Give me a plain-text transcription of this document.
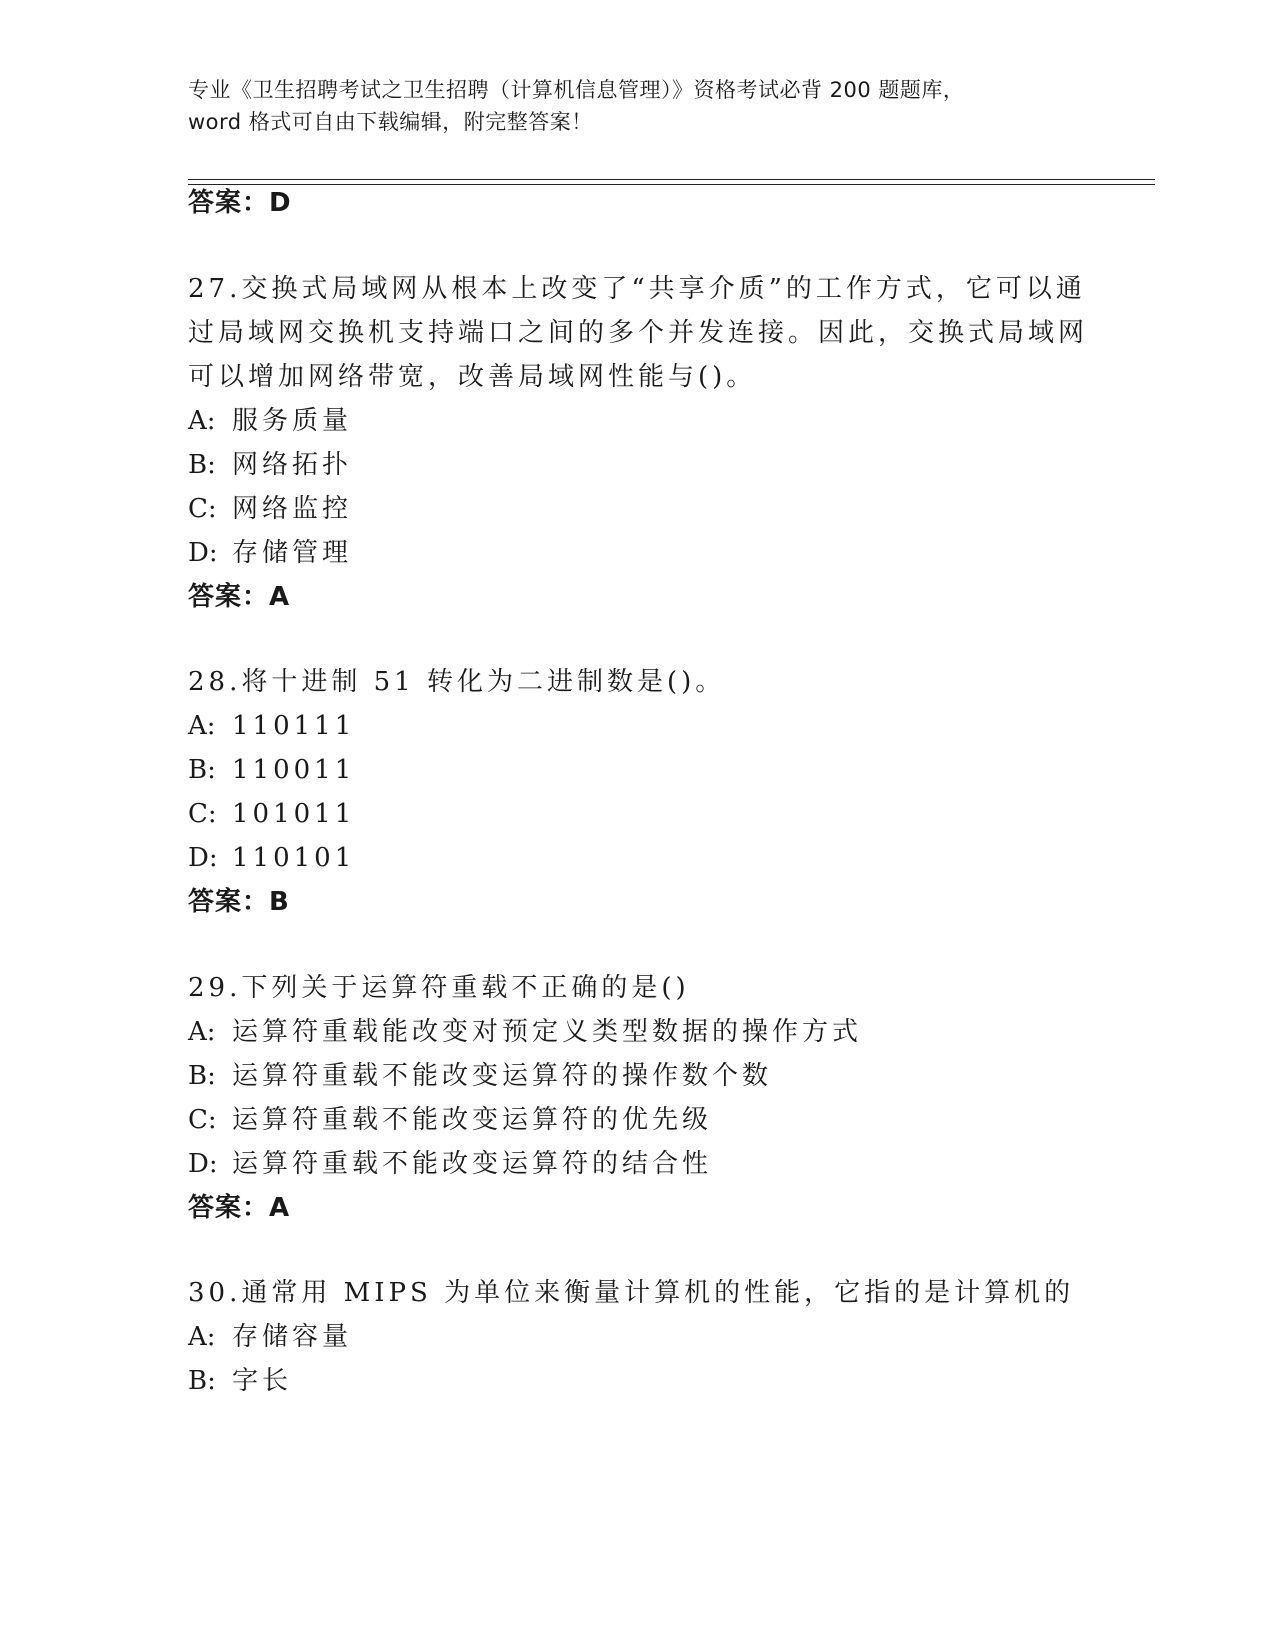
专业《卫生招聘考试之卫生招聘（计算机信息管理）》资格考试必背 200 题题库，
word 格式可自由下载编辑，附完整答案！
答案：D
27.交换式局域网从根本上改变了“共享介质”的工作方式，它可以通
过局域网交换机支持端口之间的多个并发连接。因此，交换式局域网
可以增加网络带宽，改善局域网性能与()。
A: 服务质量
B: 网络拓扑
C: 网络监控
D: 存储管理
答案：A
28.将十进制 51 转化为二进制数是()。
A: 110111
B: 110011
C: 101011
D: 110101
答案：B
29.下列关于运算符重载不正确的是()
A: 运算符重载能改变对预定义类型数据的操作方式
B: 运算符重载不能改变运算符的操作数个数
C: 运算符重载不能改变运算符的优先级
D: 运算符重载不能改变运算符的结合性
答案：A
30.通常用 MIPS 为单位来衡量计算机的性能，它指的是计算机的
A: 存储容量
B: 字长
